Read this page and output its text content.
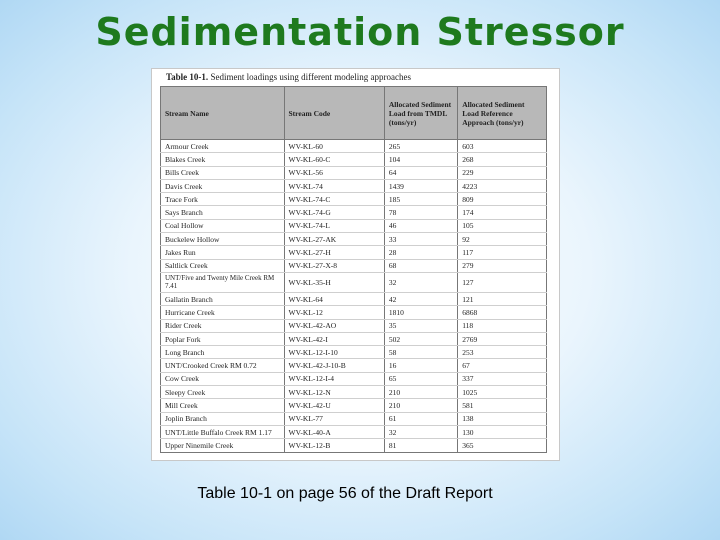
Sedimentation Stressor
Table 10-1. Sediment loadings using different modeling approaches
Stream Name	Stream Code	Allocated Sediment Load from TMDL (tons/yr)	Allocated Sediment Load Reference Approach (tons/yr)
Armour Creek	WV-KL-60	265	603
Blakes Creek	WV-KL-60-C	104	268
Bills Creek	WV-KL-56	64	229
Davis Creek	WV-KL-74	1439	4223
Trace Fork	WV-KL-74-C	185	809
Says Branch	WV-KL-74-G	78	174
Coal Hollow	WV-KL-74-L	46	105
Buckelew Hollow	WV-KL-27-AK	33	92
Jakes Run	WV-KL-27-H	28	117
Saltlick Creek	WV-KL-27-X-8	68	279
UNT/Five and Twenty Mile Creek RM 7.41	WV-KL-35-H	32	127
Gallatin Branch	WV-KL-64	42	121
Hurricane Creek	WV-KL-12	1810	6868
Rider Creek	WV-KL-42-AO	35	118
Poplar Fork	WV-KL-42-I	502	2769
Long Branch	WV-KL-12-I-10	58	253
UNT/Crooked Creek RM 0.72	WV-KL-42-J-10-B	16	67
Cow Creek	WV-KL-12-I-4	65	337
Sleepy Creek	WV-KL-12-N	210	1025
Mill Creek	WV-KL-42-U	210	581
Joplin Branch	WV-KL-77	61	138
UNT/Little Buffalo Creek RM 1.17	WV-KL-40-A	32	130
Upper Ninemile Creek	WV-KL-12-B	81	365
Table 10-1 on page 56 of the Draft Report
